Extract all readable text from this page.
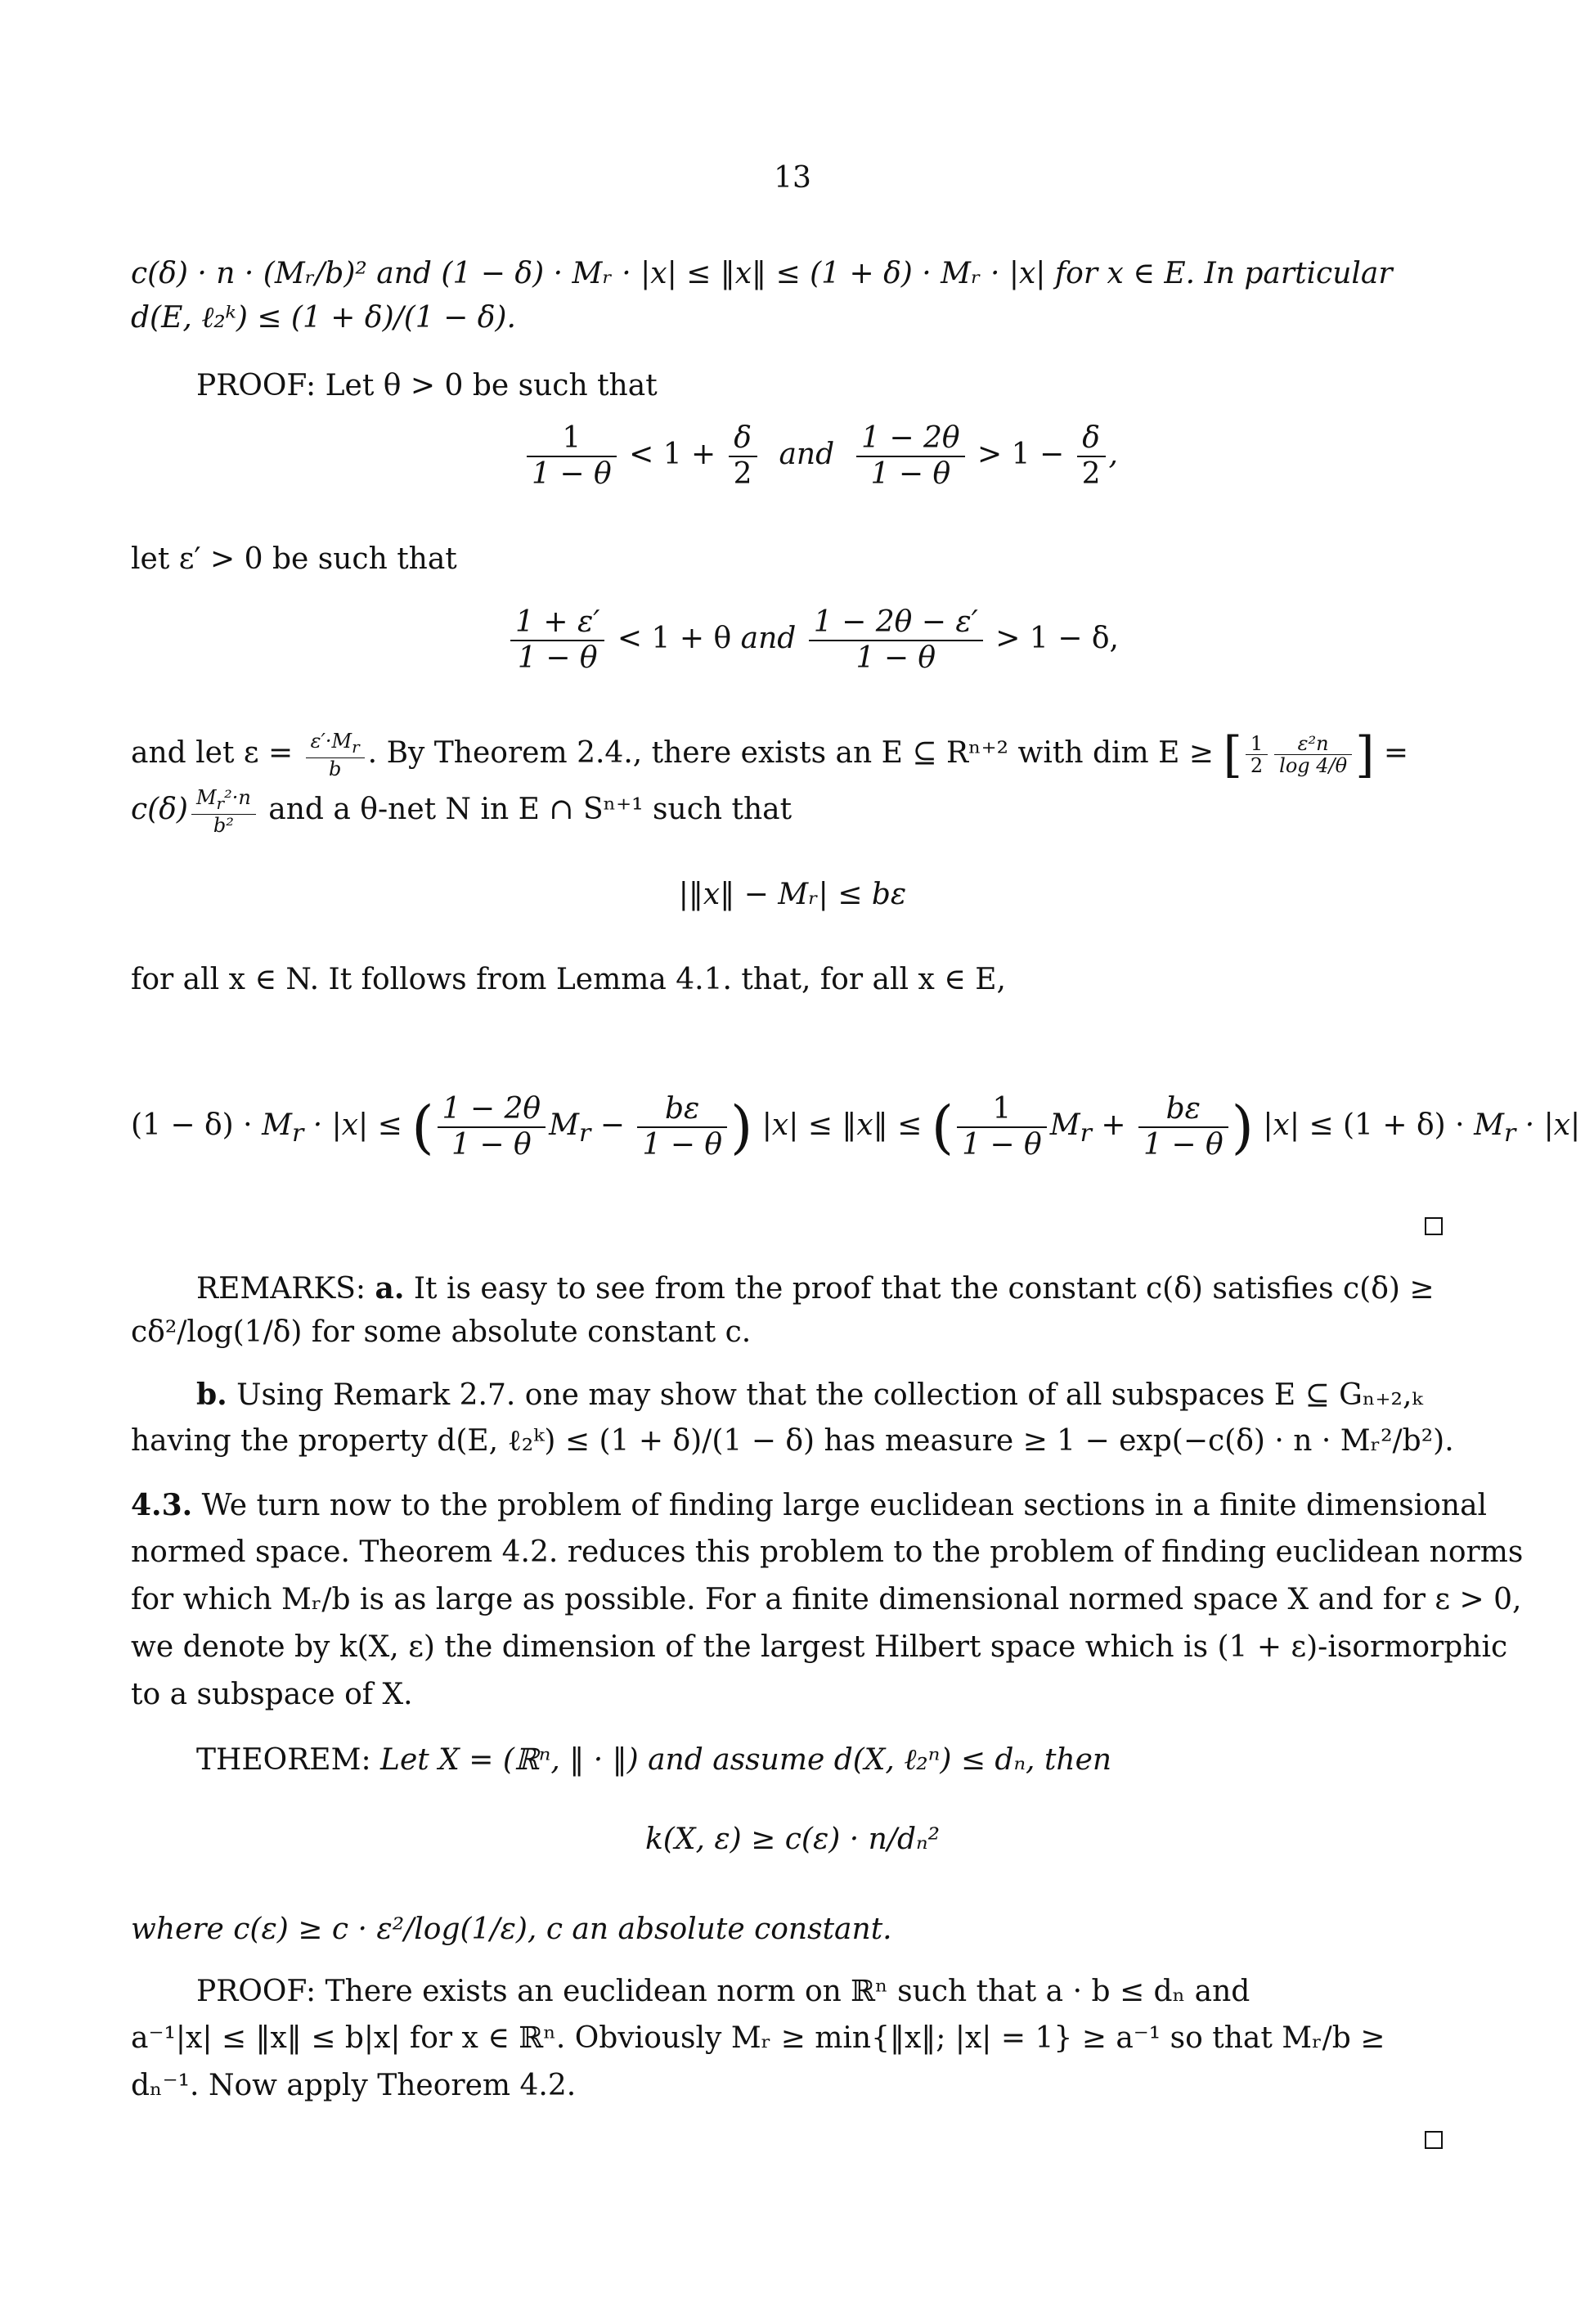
13
c(δ) · n · (Mᵣ/b)² and (1 − δ) · Mᵣ · |x| ≤ ‖x‖ ≤ (1 + δ) · Mᵣ · |x| for x ∈ E. In particular
d(E, ℓ₂ᵏ) ≤ (1 + δ)/(1 − δ).
PROOF: Let θ > 0 be such that
$\frac{1}{1 - \theta} < 1 + \frac{\delta}{2}$ and $\frac{1 - 2\theta}{1 - \theta} > 1 - \frac{\delta}{2}$ ,
let ε′ > 0 be such that
$\frac{1 + \varepsilon'}{1 - \theta} < 1 + \theta$ and $\frac{1 - 2\theta - \varepsilon'}{1 - \theta} > 1 - \delta$,
and let $\varepsilon = \frac{\varepsilon'\cdot M_r}{b}$ . By Theorem 2.4., there exists an E ⊆ Rⁿ⁺² with dim E ≥ [ $\frac{1}{2} \frac{\text{ε²n}}{\log 4/\theta}$ ] =
$c(\delta) \frac{M_r^2\cdot n}{\text{b²}}$ and a θ-net N in E ∩ Sⁿ⁺¹ such that
|‖x‖ − Mᵣ| ≤ bε
for all x ∈ N. It follows from Lemma 4.1. that, for all x ∈ E,
$(1 - \delta) \cdot M_r \cdot |x|$ ≤ ( $\frac{1 - 2\theta}{1 - \theta} M_r - \frac{b\varepsilon}{1 - \theta}$ ) |x| ≤ ‖x‖ ≤ ( $\frac{1}{1 - \theta} M_r + \frac{b\varepsilon}{1 - \theta}$ ) $|x| \le (1 + \delta) \cdot M_r \cdot |x|$
REMARKS: a. It is easy to see from the proof that the constant c(δ) satisfies c(δ) ≥
cδ²/log(1/δ) for some absolute constant c.
b. Using Remark 2.7. one may show that the collection of all subspaces E ⊆ Gₙ₊₂,ₖ
having the property d(E, ℓ₂ᵏ) ≤ (1 + δ)/(1 − δ) has measure ≥ 1 − exp(−c(δ) · n · Mᵣ²/b²).
4.3. We turn now to the problem of finding large euclidean sections in a finite dimensional
normed space. Theorem 4.2. reduces this problem to the problem of finding euclidean norms
for which Mᵣ/b is as large as possible. For a finite dimensional normed space X and for ε > 0,
we denote by k(X, ε) the dimension of the largest Hilbert space which is (1 + ε)-isormorphic
to a subspace of X.
THEOREM: Let X = (ℝⁿ, ‖ · ‖) and assume d(X, ℓ₂ⁿ) ≤ dₙ, then
k(X, ε) ≥ c(ε) · n/dₙ²
where c(ε) ≥ c · ε²/log(1/ε), c an absolute constant.
PROOF: There exists an euclidean norm on ℝⁿ such that a · b ≤ dₙ and
a⁻¹|x| ≤ ‖x‖ ≤ b|x| for x ∈ ℝⁿ. Obviously Mᵣ ≥ min{‖x‖; |x| = 1} ≥ a⁻¹ so that Mᵣ/b ≥
dₙ⁻¹. Now apply Theorem 4.2.
